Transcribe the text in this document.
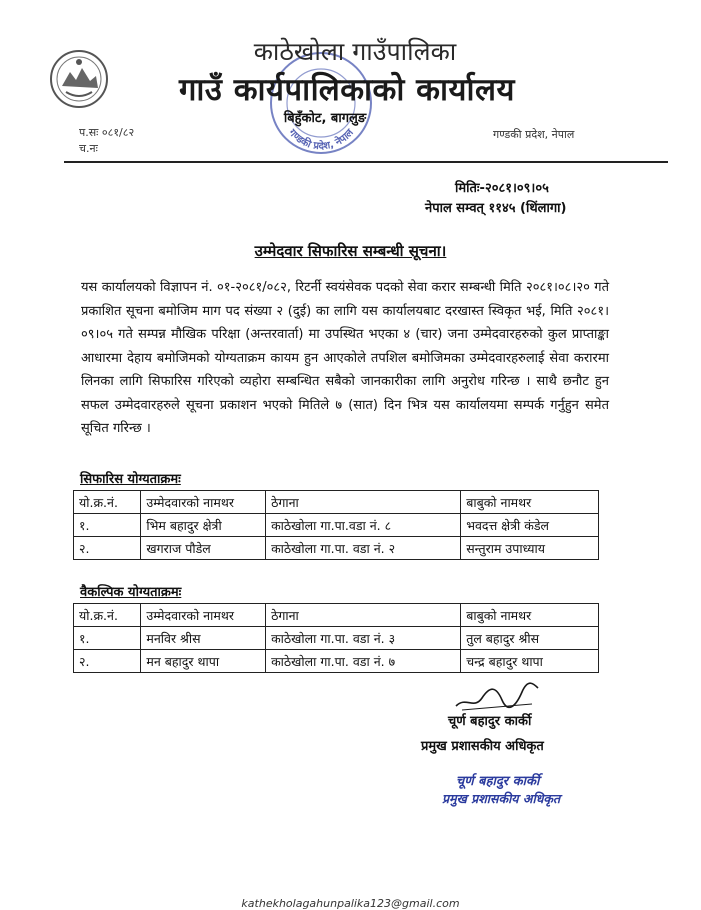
गण्डकी प्रदेश, नेपाल
काठेखोला गाउँपालिका
गाउँ कार्यपालिकाको कार्यालय
बिहुँकोट, बागलुङ
प.सः ०८१/८२
च.नः
गण्डकी प्रदेश, नेपाल
मितिः-२०८१।०९।०५
नेपाल सम्वत् ११४५ (थिंलागा)
उम्मेदवार सिफारिस सम्बन्धी सूचना।
यस कार्यालयको विज्ञापन नं. ०१-२०८१/०८२, रिटर्नी स्वयंसेवक पदको सेवा करार सम्बन्धी मिति २०८१।०८।२० गते प्रकाशित सूचना बमोजिम माग पद संख्या २ (दुई) का लागि यस कार्यालयबाट दरखास्त स्विकृत भई, मिति २०८१।०९।०५ गते सम्पन्न मौखिक परिक्षा (अन्तरवार्ता) मा उपस्थित भएका ४ (चार) जना उम्मेदवारहरुको कुल प्राप्ताङ्का आधारमा देहाय बमोजिमको योग्यताक्रम कायम हुन आएकोले तपशिल बमोजिमका उम्मेदवारहरुलाई सेवा करारमा लिनका लागि सिफारिस गरिएको व्यहोरा सम्बन्धित सबैको जानकारीका लागि अनुरोध गरिन्छ । साथै छनौट हुन सफल उम्मेदवारहरुले सूचना प्रकाशन भएको मितिले ७ (सात) दिन भित्र यस कार्यालयमा सम्पर्क गर्नुहुन समेत सूचित गरिन्छ ।
सिफारिस योग्यताक्रमः
यो.क्र.नं.	उम्मेदवारको नामथर	ठेगाना	बाबुको नामथर
१.	भिम बहादुर क्षेत्री	काठेखोला गा.पा.वडा नं. ८	भवदत्त क्षेत्री कंडेल
२.	खगराज पौडेल	काठेखोला गा.पा. वडा नं. २	सन्तुराम उपाध्याय
वैकल्पिक योग्यताक्रमः
यो.क्र.नं.	उम्मेदवारको नामथर	ठेगाना	बाबुको नामथर
१.	मनविर श्रीस	काठेखोला गा.पा. वडा नं. ३	तुल बहादुर श्रीस
२.	मन बहादुर थापा	काठेखोला गा.पा. वडा नं. ७	चन्द्र बहादुर थापा
चूर्ण बहादुर कार्की
प्रमुख प्रशासकीय अधिकृत
चूर्ण बहादुर कार्की
प्रमुख प्रशासकीय अधिकृत
kathekholagahunpalika123@gmail.com
